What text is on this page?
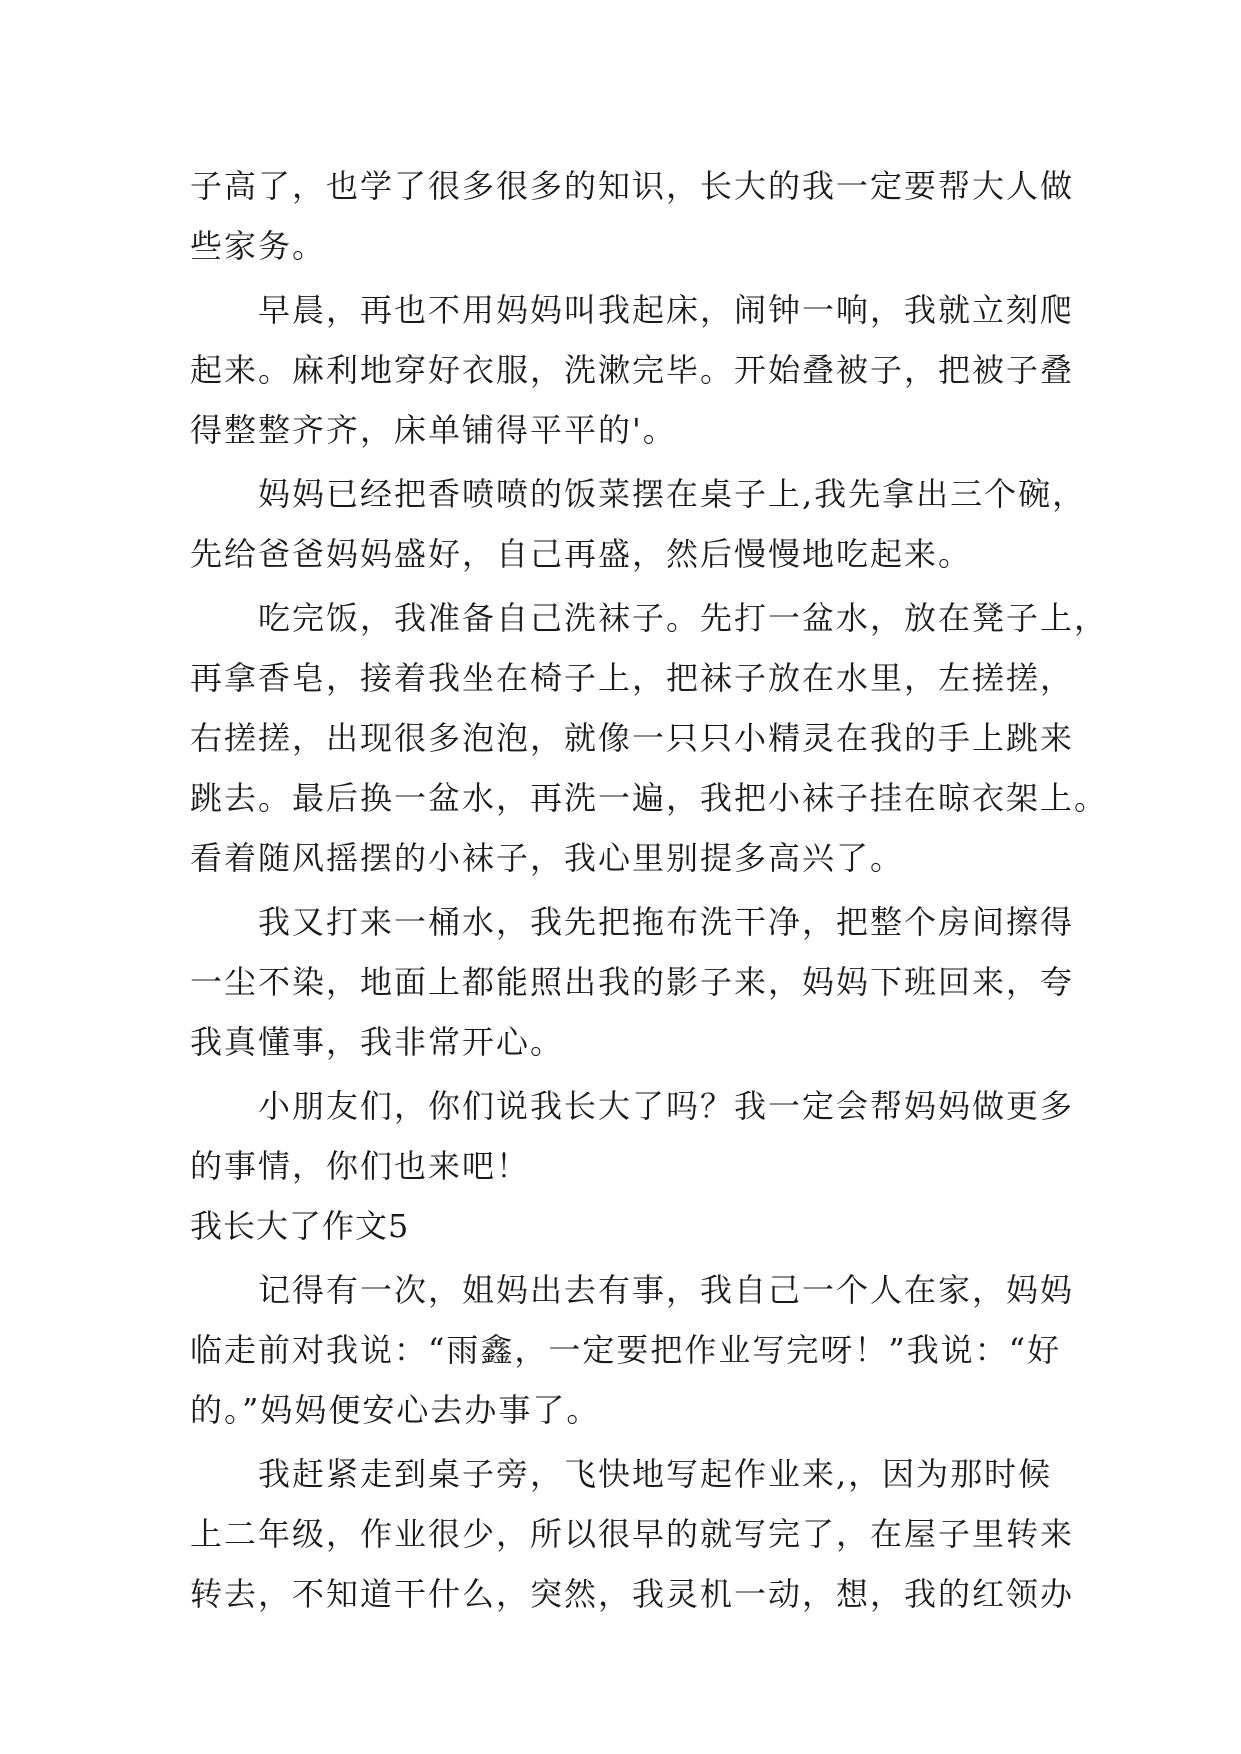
子高了，也学了很多很多的知识，长大的我一定要帮大人做
些家务。
早晨，再也不用妈妈叫我起床，闹钟一响，我就立刻爬
起来。麻利地穿好衣服，洗漱完毕。开始叠被子，把被子叠
得整整齐齐，床单铺得平平的'。
妈妈已经把香喷喷的饭菜摆在桌子上,我先拿出三个碗，
先给爸爸妈妈盛好，自己再盛，然后慢慢地吃起来。
吃完饭，我准备自己洗袜子。先打一盆水，放在凳子上，
再拿香皂，接着我坐在椅子上，把袜子放在水里，左搓搓，
右搓搓，出现很多泡泡，就像一只只小精灵在我的手上跳来
跳去。最后换一盆水，再洗一遍，我把小袜子挂在晾衣架上。
看着随风摇摆的小袜子，我心里别提多高兴了。
我又打来一桶水，我先把拖布洗干净，把整个房间擦得
一尘不染，地面上都能照出我的影子来，妈妈下班回来，夸
我真懂事，我非常开心。
小朋友们，你们说我长大了吗？我一定会帮妈妈做更多
的事情，你们也来吧！
我长大了作文5
记得有一次，姐妈出去有事，我自己一个人在家，妈妈
临走前对我说：“雨鑫，一定要把作业写完呀！”我说：“好
的。”妈妈便安心去办事了。
我赶紧走到桌子旁，飞快地写起作业来,，因为那时候
上二年级，作业很少，所以很早的就写完了，在屋子里转来
转去，不知道干什么，突然，我灵机一动，想，我的红领办
